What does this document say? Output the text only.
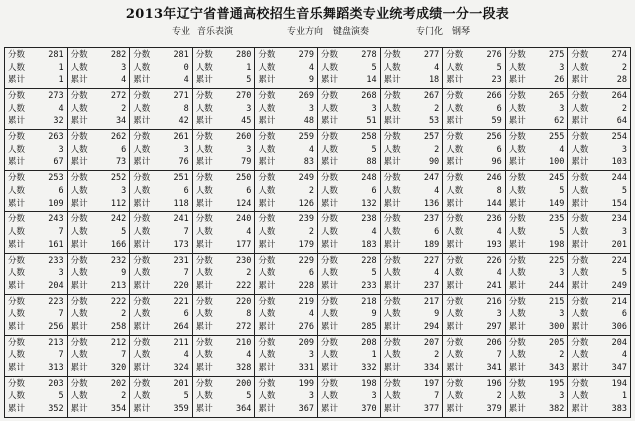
2013年辽宁省普通高校招生音乐舞蹈类专业统考成绩一分一段表
专业 音乐表演	专业方向 键盘演奏	专门化 钢琴
分数	281
人数	1
累计	1
分数	282
人数	3
累计	4
分数	281
人数	0
累计	4
分数	280
人数	1
累计	5
分数	279
人数	4
累计	9
分数	278
人数	5
累计	14
分数	277
人数	4
累计	18
分数	276
人数	5
累计	23
分数	275
人数	3
累计	26
分数	274
人数	2
累计	28
分数	273
人数	4
累计	32
分数	272
人数	2
累计	34
分数	271
人数	8
累计	42
分数	270
人数	3
累计	45
分数	269
人数	3
累计	48
分数	268
人数	3
累计	51
分数	267
人数	2
累计	53
分数	266
人数	6
累计	59
分数	265
人数	3
累计	62
分数	264
人数	2
累计	64
分数	263
人数	3
累计	67
分数	262
人数	6
累计	73
分数	261
人数	3
累计	76
分数	260
人数	3
累计	79
分数	259
人数	4
累计	83
分数	258
人数	5
累计	88
分数	257
人数	2
累计	90
分数	256
人数	6
累计	96
分数	255
人数	4
累计	100
分数	254
人数	3
累计	103
分数	253
人数	6
累计	109
分数	252
人数	3
累计	112
分数	251
人数	6
累计	118
分数	250
人数	6
累计	124
分数	249
人数	2
累计	126
分数	248
人数	6
累计	132
分数	247
人数	4
累计	136
分数	246
人数	8
累计	144
分数	245
人数	5
累计	149
分数	244
人数	5
累计	154
分数	243
人数	7
累计	161
分数	242
人数	5
累计	166
分数	241
人数	7
累计	173
分数	240
人数	4
累计	177
分数	239
人数	2
累计	179
分数	238
人数	4
累计	183
分数	237
人数	6
累计	189
分数	236
人数	4
累计	193
分数	235
人数	5
累计	198
分数	234
人数	3
累计	201
分数	233
人数	3
累计	204
分数	232
人数	9
累计	213
分数	231
人数	7
累计	220
分数	230
人数	2
累计	222
分数	229
人数	6
累计	228
分数	228
人数	5
累计	233
分数	227
人数	4
累计	237
分数	226
人数	4
累计	241
分数	225
人数	3
累计	244
分数	224
人数	5
累计	249
分数	223
人数	7
累计	256
分数	222
人数	2
累计	258
分数	221
人数	6
累计	264
分数	220
人数	8
累计	272
分数	219
人数	4
累计	276
分数	218
人数	9
累计	285
分数	217
人数	9
累计	294
分数	216
人数	3
累计	297
分数	215
人数	3
累计	300
分数	214
人数	6
累计	306
分数	213
人数	7
累计	313
分数	212
人数	7
累计	320
分数	211
人数	4
累计	324
分数	210
人数	4
累计	328
分数	209
人数	3
累计	331
分数	208
人数	1
累计	332
分数	207
人数	2
累计	334
分数	206
人数	7
累计	341
分数	205
人数	2
累计	343
分数	204
人数	4
累计	347
分数	203
人数	5
累计	352
分数	202
人数	2
累计	354
分数	201
人数	5
累计	359
分数	200
人数	5
累计	364
分数	199
人数	3
累计	367
分数	198
人数	3
累计	370
分数	197
人数	7
累计	377
分数	196
人数	2
累计	379
分数	195
人数	3
累计	382
分数	194
人数	1
累计	383
